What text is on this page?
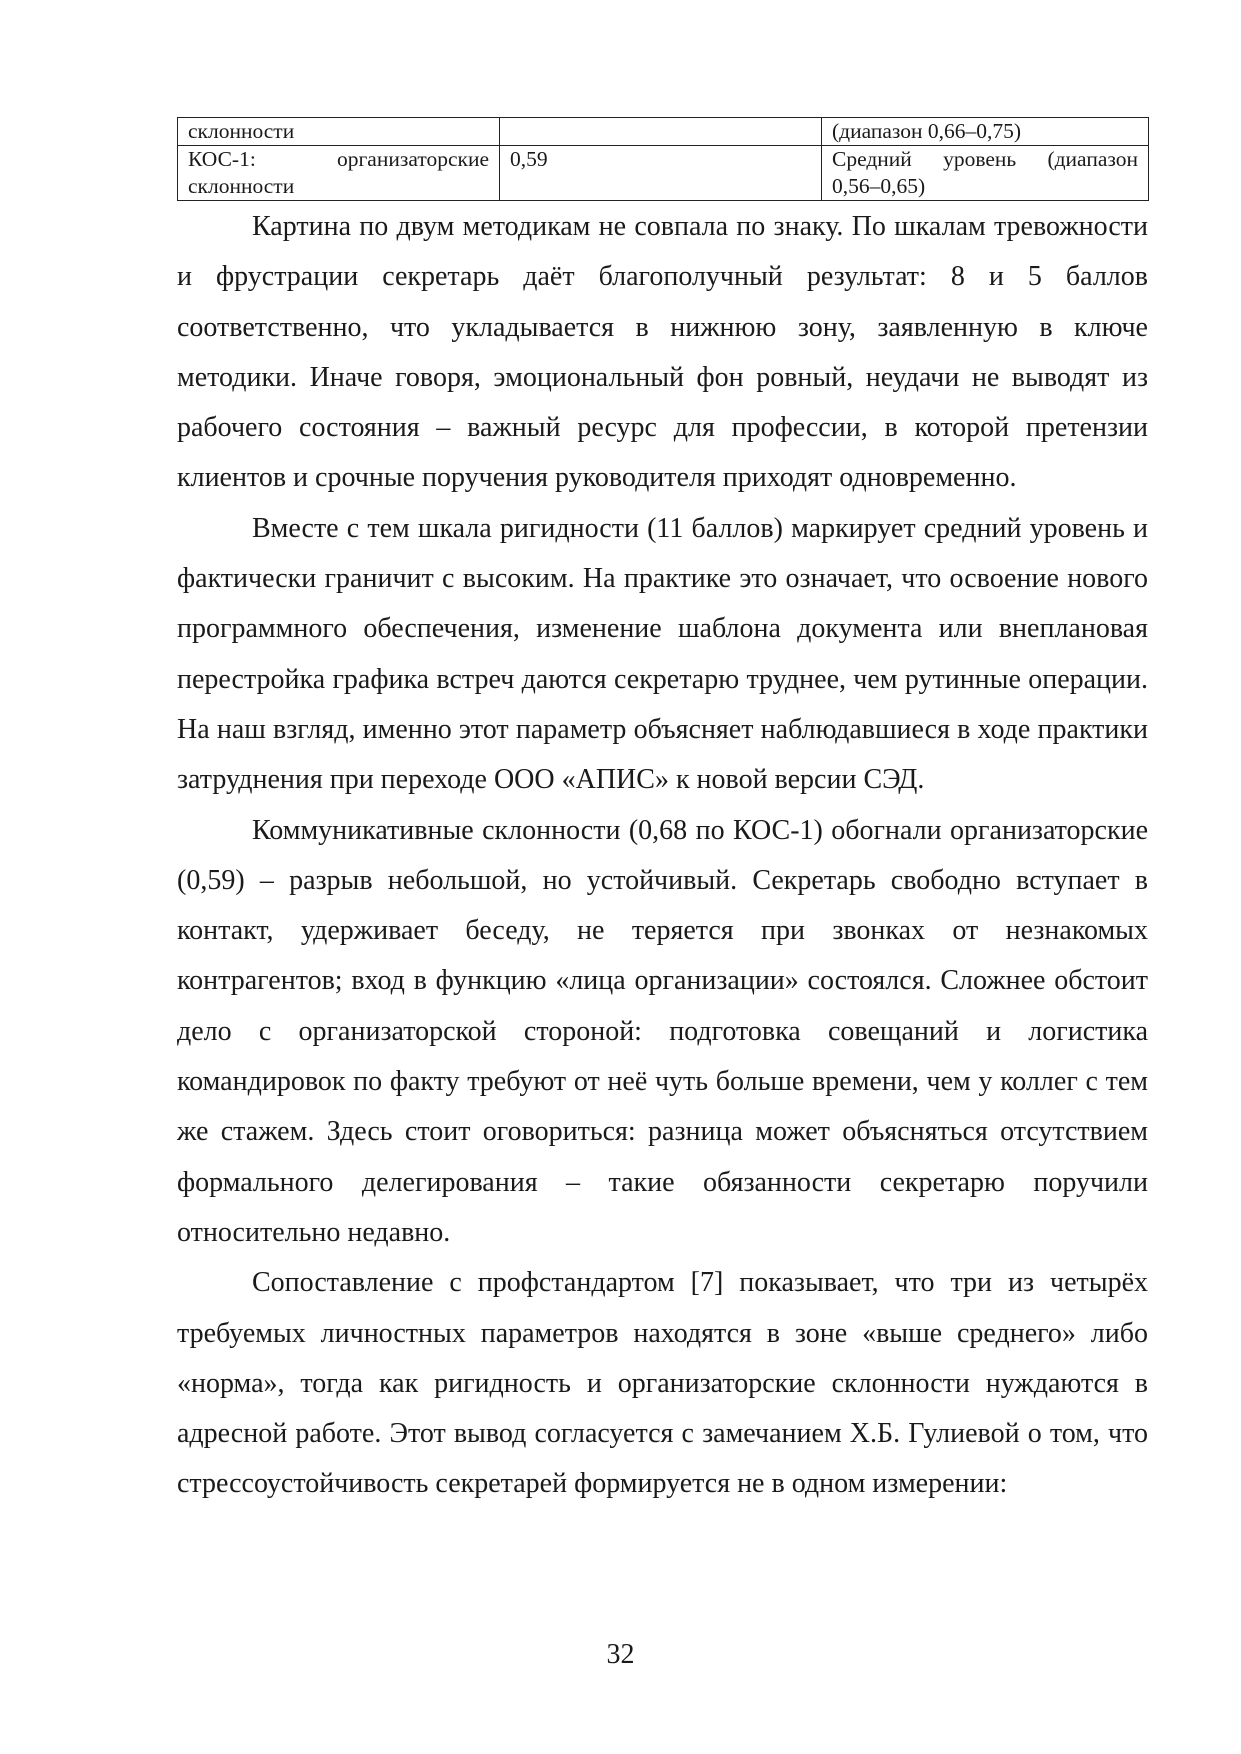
склонности		(диапазон 0,66–0,75)
КОС-1: организаторские склонности	0,59	Средний уровень (диапазон 0,56–0,65)

Картина по двум методикам не совпала по знаку. По шкалам тревожности и фрустрации секретарь даёт благополучный результат: 8 и 5 баллов соответственно, что укладывается в нижнюю зону, заявленную в ключе методики. Иначе говоря, эмоциональный фон ровный, неудачи не выводят из рабочего состояния – важный ресурс для профессии, в которой претензии клиентов и срочные поручения руководителя приходят одновременно.

Вместе с тем шкала ригидности (11 баллов) маркирует средний уровень и фактически граничит с высоким. На практике это означает, что освоение нового программного обеспечения, изменение шаблона документа или внеплановая перестройка графика встреч даются секретарю труднее, чем рутинные операции. На наш взгляд, именно этот параметр объясняет наблюдавшиеся в ходе практики затруднения при переходе ООО «АПИС» к новой версии СЭД.

Коммуникативные склонности (0,68 по КОС-1) обогнали организаторские (0,59) – разрыв небольшой, но устойчивый. Секретарь свободно вступает в контакт, удерживает беседу, не теряется при звонках от незнакомых контрагентов; вход в функцию «лица организации» состоялся. Сложнее обстоит дело с организаторской стороной: подготовка совещаний и логистика командировок по факту требуют от неё чуть больше времени, чем у коллег с тем же стажем. Здесь стоит оговориться: разница может объясняться отсутствием формального делегирования – такие обязанности секретарю поручили относительно недавно.

Сопоставление с профстандартом [7] показывает, что три из четырёх требуемых личностных параметров находятся в зоне «выше среднего» либо «норма», тогда как ригидность и организаторские склонности нуждаются в адресной работе. Этот вывод согласуется с замечанием Х.Б. Гулиевой о том, что стрессоустойчивость секретарей формируется не в одном измерении:

32
